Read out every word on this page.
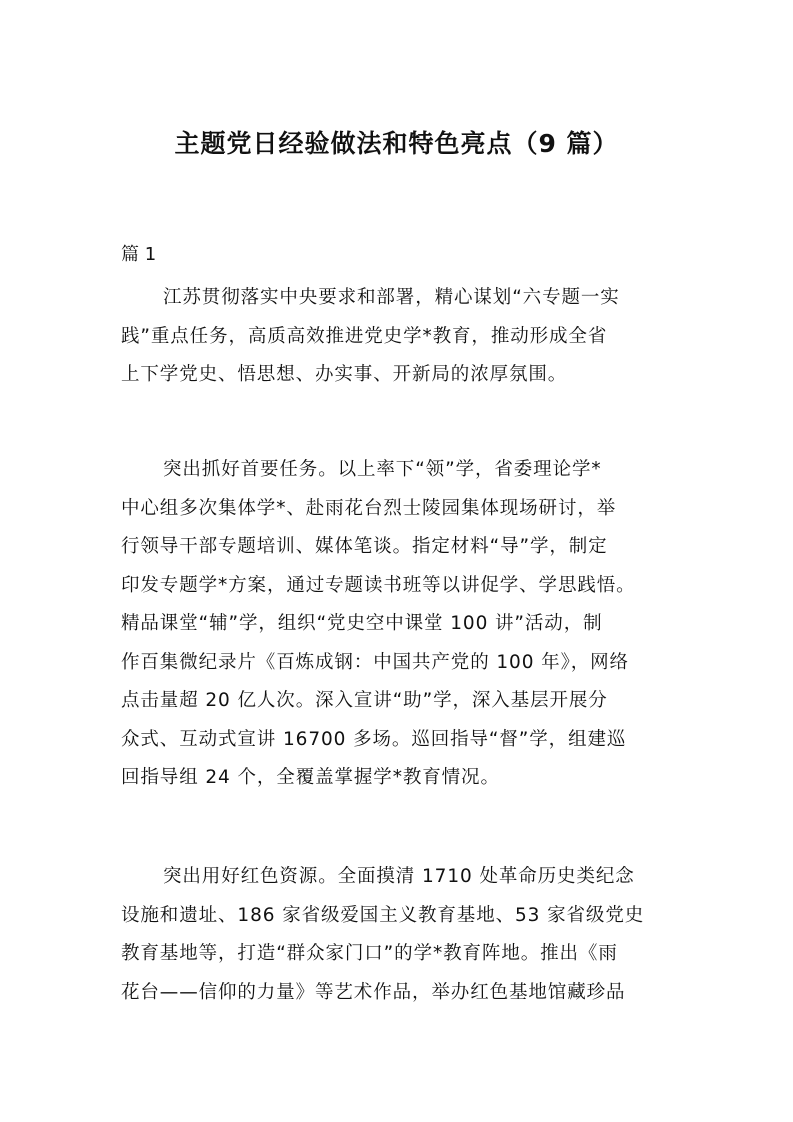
主题党日经验做法和特色亮点（9 篇）
篇 1
江苏贯彻落实中央要求和部署，精心谋划“六专题一实
践”重点任务，高质高效推进党史学*教育，推动形成全省
上下学党史、悟思想、办实事、开新局的浓厚氛围。
突出抓好首要任务。以上率下“领”学，省委理论学*
中心组多次集体学*、赴雨花台烈士陵园集体现场研讨，举
行领导干部专题培训、媒体笔谈。指定材料“导”学，制定
印发专题学*方案，通过专题读书班等以讲促学、学思践悟。
精品课堂“辅”学，组织“党史空中课堂 100 讲”活动，制
作百集微纪录片《百炼成钢：中国共产党的 100 年》，网络
点击量超 20 亿人次。深入宣讲“助”学，深入基层开展分
众式、互动式宣讲 16700 多场。巡回指导“督”学，组建巡
回指导组 24 个，全覆盖掌握学*教育情况。
突出用好红色资源。全面摸清 1710 处革命历史类纪念
设施和遗址、186 家省级爱国主义教育基地、53 家省级党史
教育基地等，打造“群众家门口”的学*教育阵地。推出《雨
花台——信仰的力量》等艺术作品，举办红色基地馆藏珍品
